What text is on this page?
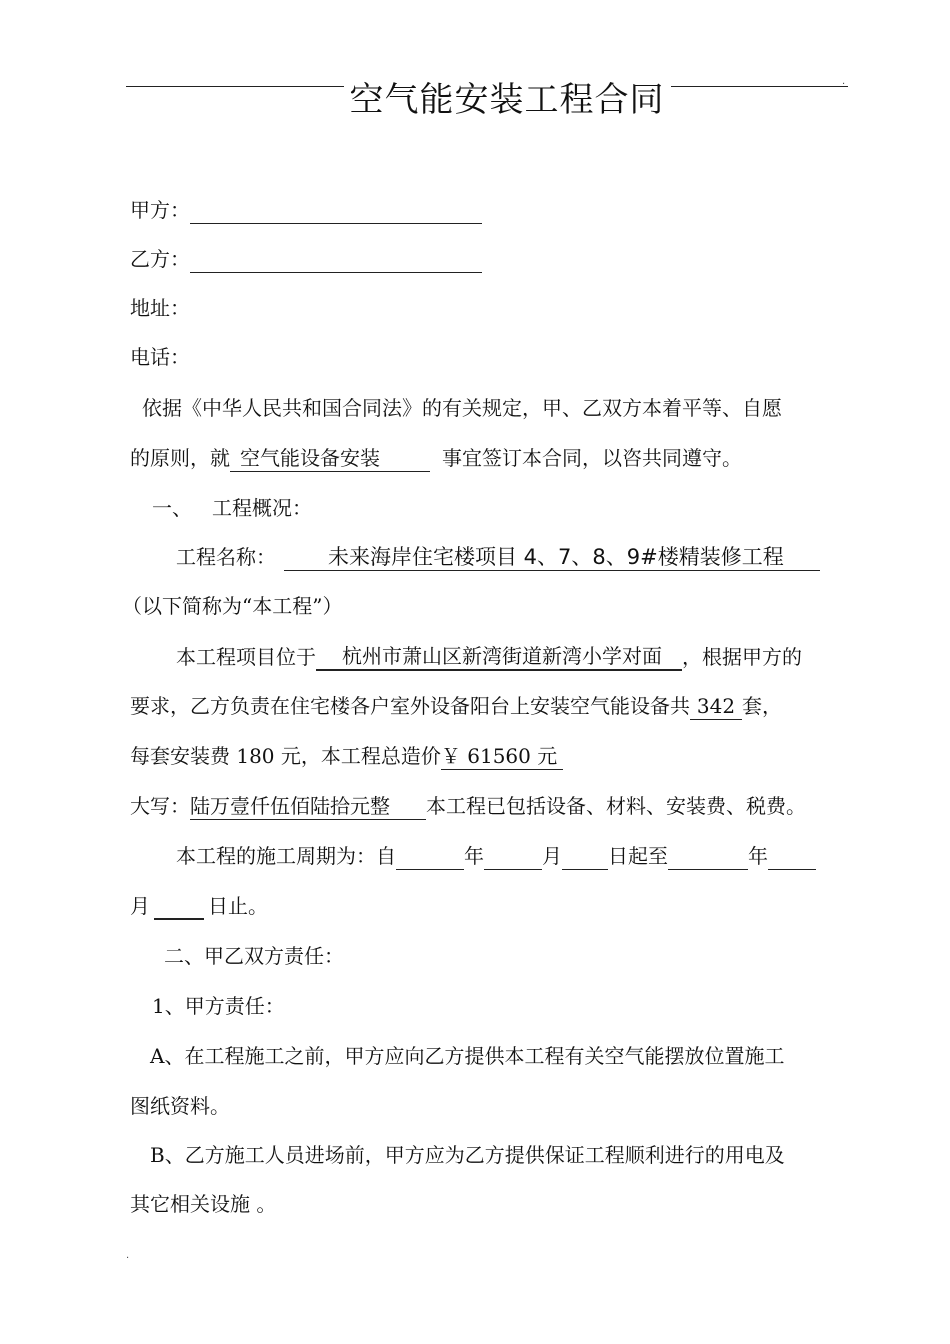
.
空气能安装工程合同
甲方：
乙方：
地址：
电话：
依据《中华人民共和国合同法》的有关规定，甲、乙双方本着平等、自愿
的原则，就 空气能设备安装	事宜签订本合同，以咨共同遵守。
一、 工程概况：
工程名称： 未来海岸住宅楼项目 4、7、8、9#楼精装修工程
（以下简称为“本工程”）
本工程项目位于 杭州市萧山区新湾街道新湾小学对面 ，根据甲方的
要求，乙方负责在住宅楼各户室外设备阳台上安装空气能设备共 342 套，
每套安装费 180 元，本工程总造价￥ 61560 元
大写：陆万壹仟伍佰陆拾元整 本工程已包括设备、材料、安装费、税费。
本工程的施工周期为：自	年	月 日起至	年
月	日止。
二、甲乙双方责任：
1、甲方责任：
A、在工程施工之前，甲方应向乙方提供本工程有关空气能摆放位置施工
图纸资料。
B、乙方施工人员进场前，甲方应为乙方提供保证工程顺利进行的用电及
其它相关设施 。
.
